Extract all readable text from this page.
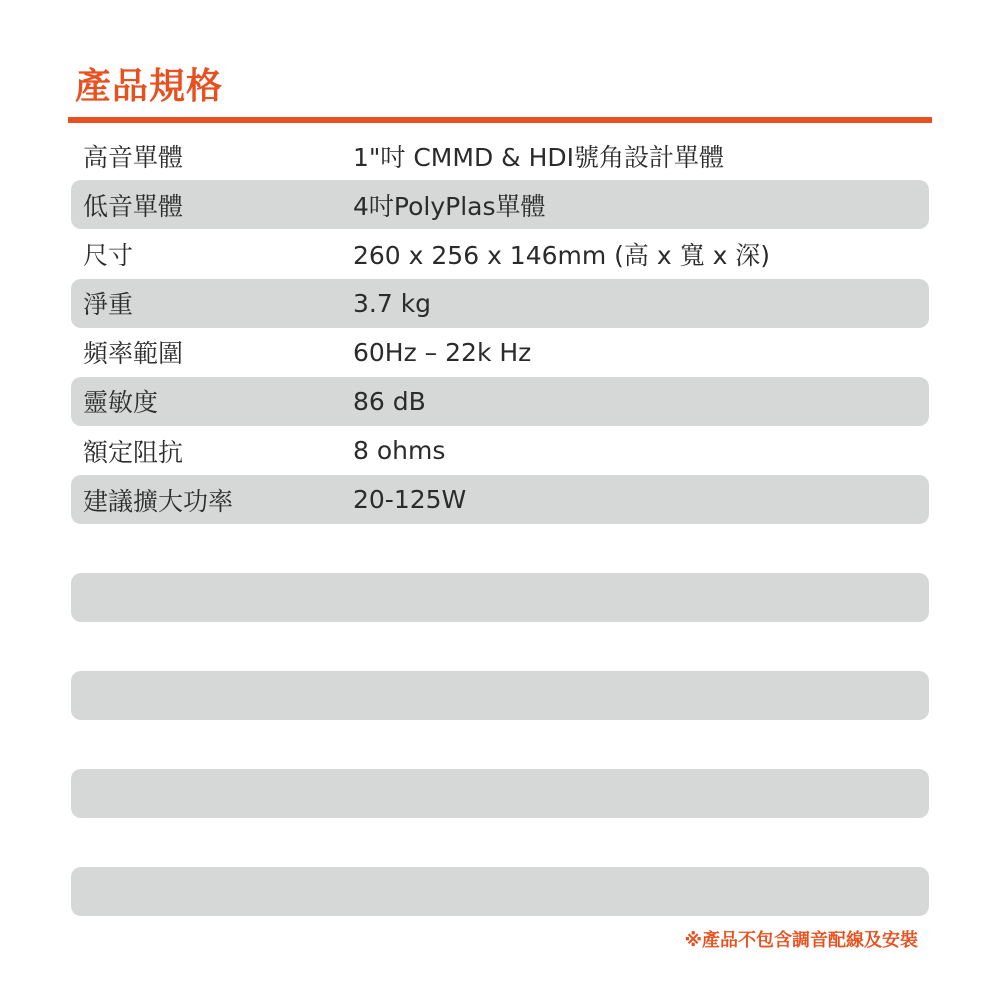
產品規格
高音單體	1"吋 CMMD & HDI號角設計單體
低音單體	4吋PolyPlas單體
尺寸	260 x 256 x 146mm (高 x 寬 x 深)
淨重	3.7 kg
頻率範圍	60Hz – 22k Hz
靈敏度	86 dB
額定阻抗	8 ohms
建議擴大功率	20-125W
※產品不包含調音配線及安裝
